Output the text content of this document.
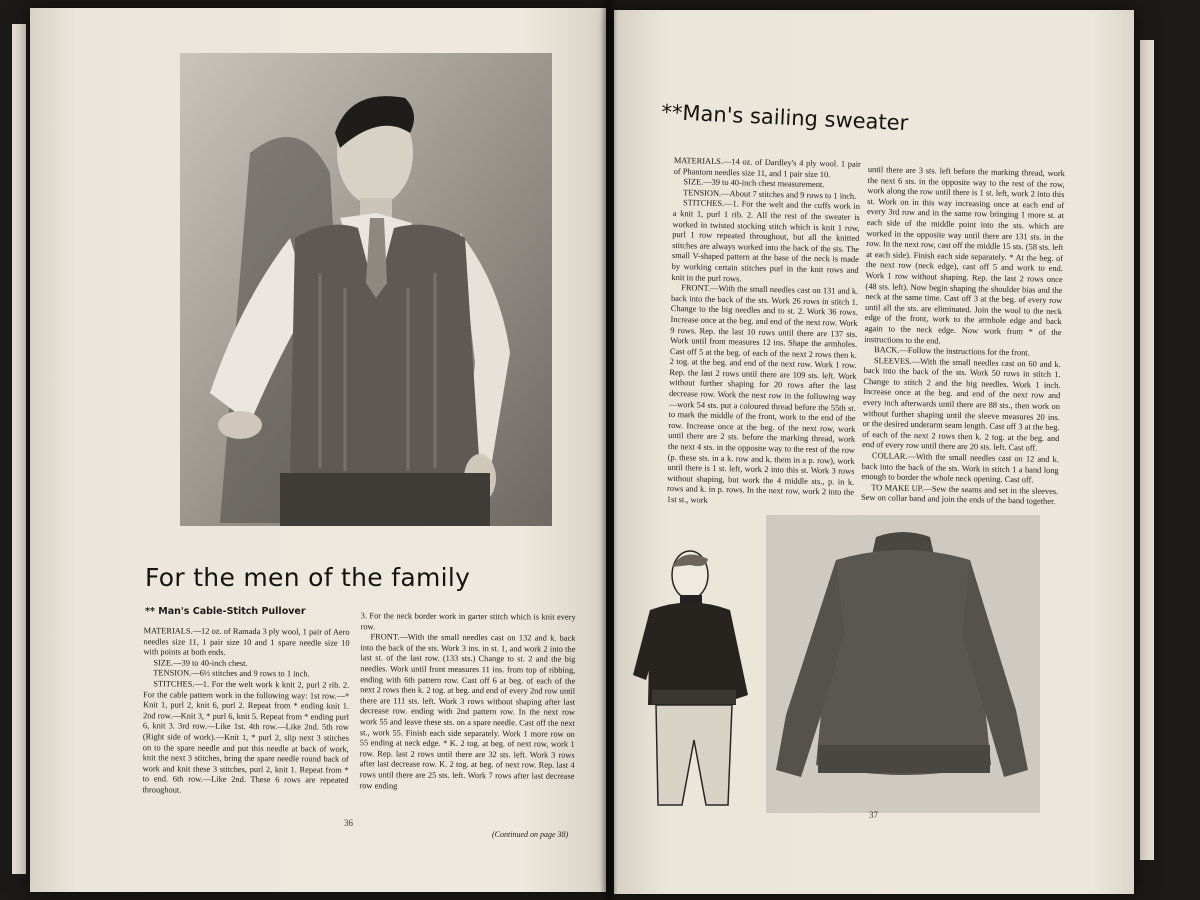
For the men of the family
** Man's Cable-Stitch Pullover

MATERIALS.—12 oz. of Ramada 3 ply wool, 1 pair of Aero needles size 11, 1 pair size 10 and 1 spare needle size 10 with points at both ends.

SIZE.—39 to 40-inch chest.

TENSION.—6½ stitches and 9 rows to 1 inch.

STITCHES.—1. For the welt work k knit 2, purl 2 rib. 2. For the cable pattern work in the following way: 1st row.—* Knit 1, purl 2, knit 6, purl 2. Repeat from * ending knit 1. 2nd row.—Knit 3, * purl 6, knit 5. Repeat from * ending purl 6, knit 3. 3rd row.—Like 1st. 4th row.—Like 2nd. 5th row (Right side of work).—Knit 1, * purl 2, slip next 3 stitches on to the spare needle and put this needle at back of work, knit the next 3 stitches, bring the spare needle round back of work and knit these 3 stitches, purl 2, knit 1. Repeat from * to end. 6th row.—Like 2nd. These 6 rows are repeated throughout.

3. For the neck border work in garter stitch which is knit every row.

FRONT.—With the small needles cast on 132 and k. back into the back of the sts. Work 3 ins. in st. 1, and work 2 into the last st. of the last row. (133 sts.) Change to st. 2 and the big needles. Work until front measures 11 ins. from top of ribbing, ending with 6th pattern row. Cast off 6 at beg. of each of the next 2 rows then k. 2 tog. at beg. and end of every 2nd row until there are 111 sts. left. Work 3 rows without shaping after last decrease row. ending with 2nd pattern row. In the next row work 55 and leave these sts. on a spare needle. Cast off the next st., work 55. Finish each side separately. Work 1 more row on 55 ending at neck edge. * K. 2 tog. at beg. of next row, work 1 row. Rep. last 2 rows until there are 32 sts. left. Work 3 rows after last decrease row. K. 2 tog. at beg. of next row. Rep. last 4 rows until there are 25 sts. left. Work 7 rows after last decrease row ending

(Continued on page 38)
36
**Man's sailing sweater

MATERIALS.—14 oz. of Dardley's 4 ply wool. 1 pair of Phantom needles size 11, and 1 pair size 10.

SIZE.—39 to 40-inch chest measurement.

TENSION.—About 7 stitches and 9 rows to 1 inch.

STITCHES.—1. For the welt and the cuffs work in a knit 1, purl 1 rib. 2. All the rest of the sweater is worked in twisted stocking stitch which is knit 1 row, purl 1 row repeated throughout, but all the knitted stitches are always worked into the back of the sts. The small V-shaped pattern at the base of the neck is made by working certain stitches purl in the knit rows and knit in the purl rows.

FRONT.—With the small needles cast on 131 and k. back into the back of the sts. Work 26 rows in stitch 1. Change to the big needles and to st. 2. Work 36 rows. Increase once at the beg. and end of the next row. Work 9 rows. Rep. the last 10 rows until there are 137 sts. Work until front measures 12 ins. Shape the armholes. Cast off 5 at the beg. of each of the next 2 rows then k. 2 tog. at the beg. and end of the next row. Work 1 row. Rep. the last 2 rows until there are 109 sts. left. Work without further shaping for 20 rows after the last decrease row. Work the next row in the following way—work 54 sts. put a coloured thread before the 55th st. to mark the middle of the front, work to the end of the row. Increase once at the beg. of the next row, work until there are 2 sts. before the marking thread, work the next 4 sts. in the opposite way to the rest of the row (p. these sts. in a k. row and k. them in a p. row), work until there is 1 st. left, work 2 into this st. Work 3 rows without shaping, but work the 4 middle sts., p. in k. rows and k. in p. rows. In the next row, work 2 into the 1st st., work

until there are 3 sts. left before the marking thread, work the next 6 sts. in the opposite way to the rest of the row, work along the row until there is 1 st. left, work 2 into this st. Work on in this way increasing once at each end of every 3rd row and in the same row bringing 1 more st. at each side of the middle point into the sts. which are worked in the opposite way until there are 131 sts. in the row. In the next row, cast off the middle 15 sts. (58 sts. left at each side). Finish each side separately. * At the beg. of the next row (neck edge), cast off 5 and work to end. Work 1 row without shaping. Rep. the last 2 rows once (48 sts. left). Now begin shaping the shoulder bias and the neck at the same time. Cast off 3 at the beg. of every row until all the sts. are eliminated. Join the wool to the neck edge of the front, work to the armhole edge and back again to the neck edge. Now work from * of the instructions to the end.

BACK.—Follow the instructions for the front.

SLEEVES.—With the small needles cast on 60 and k. back into the back of the sts. Work 50 rows in stitch 1. Change to stitch 2 and the big needles. Work 1 inch. Increase once at the beg. and end of the next row and every inch afterwards until there are 88 sts., then work on without further shaping until the sleeve measures 20 ins. or the desired underarm seam length. Cast off 3 at the beg. of each of the next 2 rows then k. 2 tog. at the beg. and end of every row until there are 20 sts. left. Cast off.

COLLAR.—With the small needles cast on 12 and k. back into the back of the sts. Work in stitch 1 a band long enough to border the whole neck opening. Cast off.

TO MAKE UP.—Sew the seams and set in the sleeves. Sew on collar band and join the ends of the band together.

37
